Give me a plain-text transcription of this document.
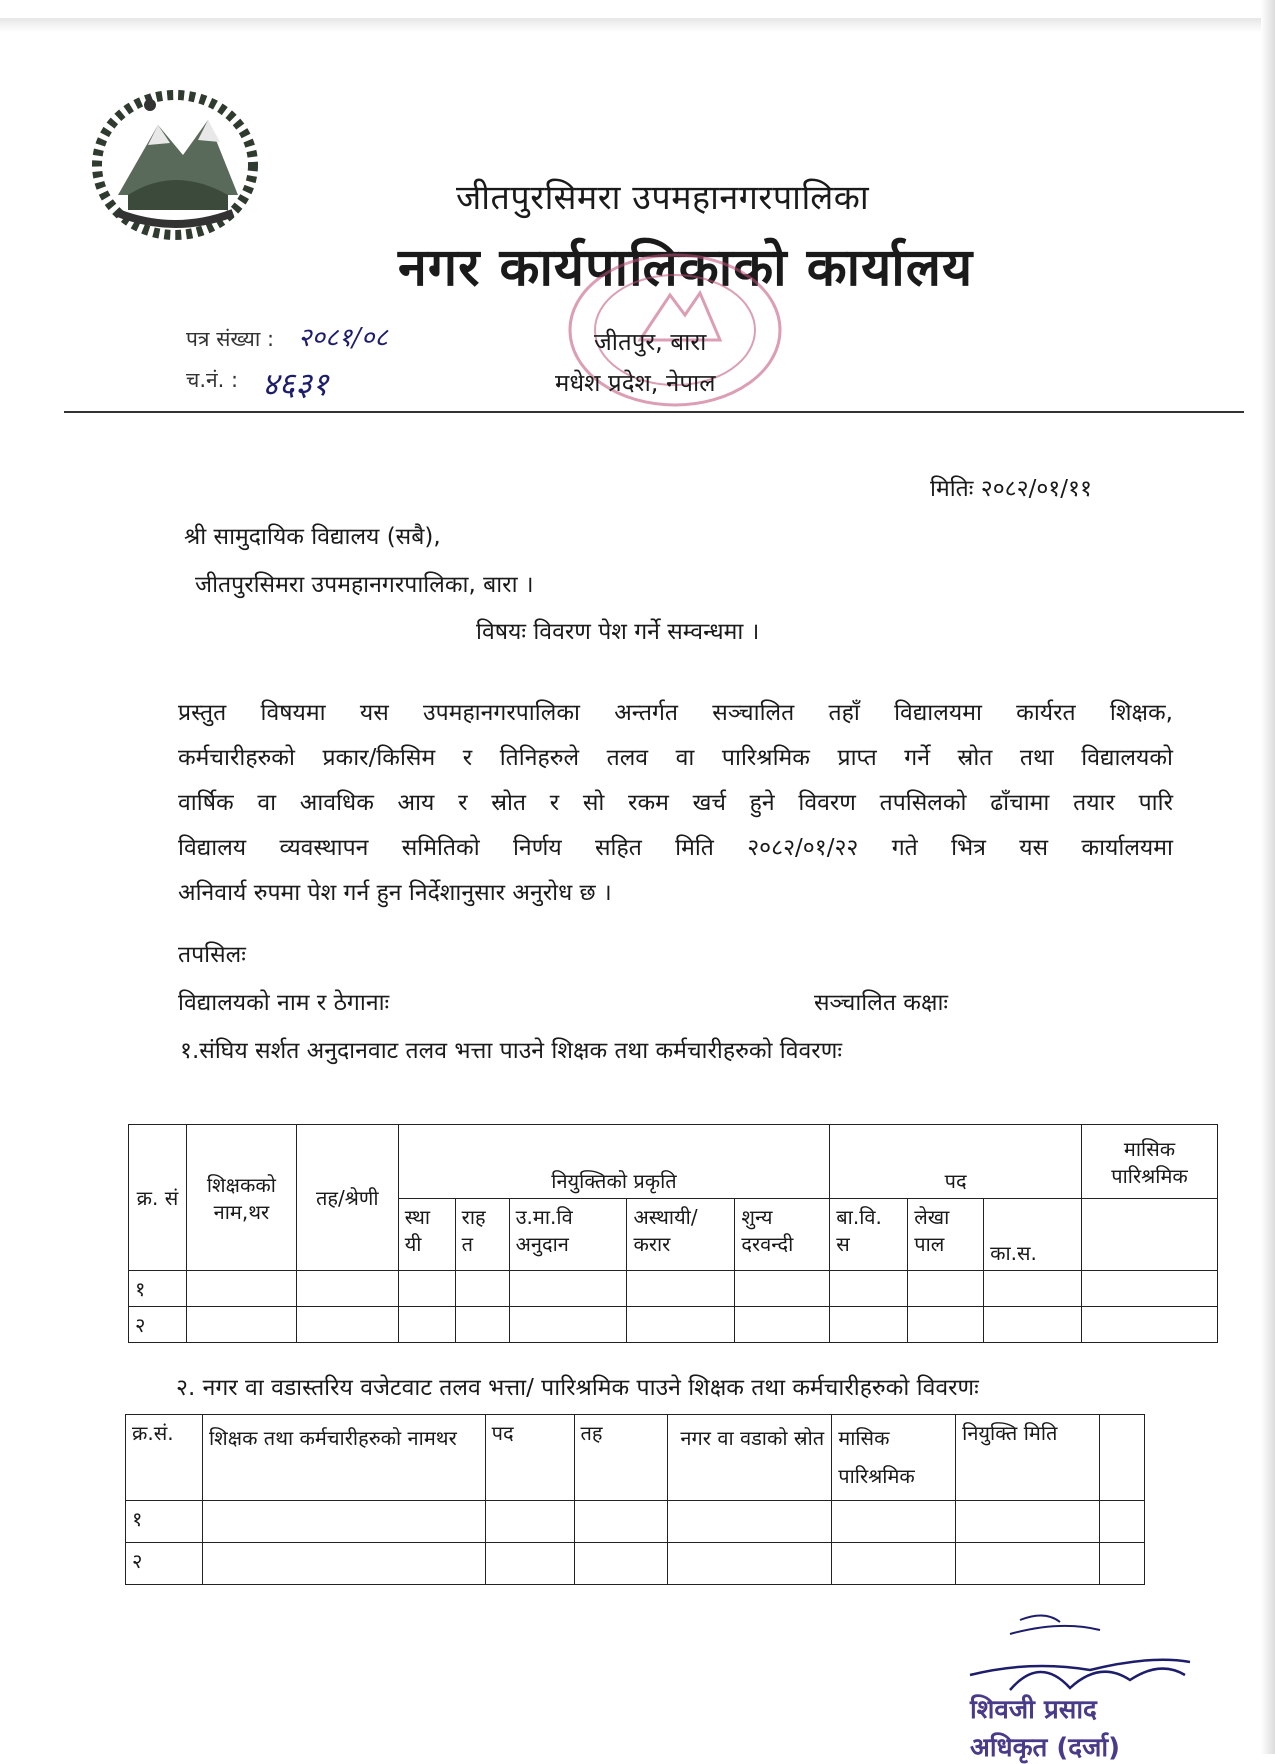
जीतपुरसिमरा उपमहानगरपालिका
नगर कार्यपालिकाको कार्यालय
पत्र संख्या : २०८१/०८
च.नं. : ४६३१
जीतपुर, बारा
मधेश प्रदेश, नेपाल
मितिः २०८२/०१/११
श्री सामुदायिक विद्यालय (सबै),
जीतपुरसिमरा उपमहानगरपालिका, बारा ।
विषयः विवरण पेश गर्ने सम्वन्धमा ।
प्रस्तुत विषयमा यस उपमहानगरपालिका अन्तर्गत सञ्चालित तहाँ विद्यालयमा कार्यरत शिक्षक,
कर्मचारीहरुको प्रकार/किसिम र तिनिहरुले तलव वा पारिश्रमिक प्राप्त गर्ने स्रोत तथा विद्यालयको
वार्षिक वा आवधिक आय र स्रोत र सो रकम खर्च हुने विवरण तपसिलको ढाँचामा तयार पारि
विद्यालय व्यवस्थापन समितिको निर्णय सहित मिति २०८२/०१/२२ गते भित्र यस कार्यालयमा
अनिवार्य रुपमा पेश गर्न हुन निर्देशानुसार अनुरोध छ ।
तपसिलः
विद्यालयको नाम र ठेगानाः	सञ्चालित कक्षाः
१.संघिय सर्शत अनुदानवाट तलव भत्ता पाउने शिक्षक तथा कर्मचारीहरुको विवरणः
क्र. सं	शिक्षकको नाम,थर	तह/श्रेणी	नियुक्तिको प्रकृति					पद			मासिक पारिश्रमिक
			स्था यी	राह त	उ.मा.वि अनुदान	अस्थायी/ करार	शुन्य दरवन्दी	बा.वि. स	लेखा पाल	का.स.	
१											
२											
२. नगर वा वडास्तरिय वजेटवाट तलव भत्ता/ पारिश्रमिक पाउने शिक्षक तथा कर्मचारीहरुको विवरणः
क्र.सं.	शिक्षक तथा कर्मचारीहरुको नामथर	पद	तह	नगर वा वडाको स्रोत	मासिक पारिश्रमिक	नियुक्ति मिति	
१							
२							
शिवजी प्रसाद
अधिकृत (दर्जा)
